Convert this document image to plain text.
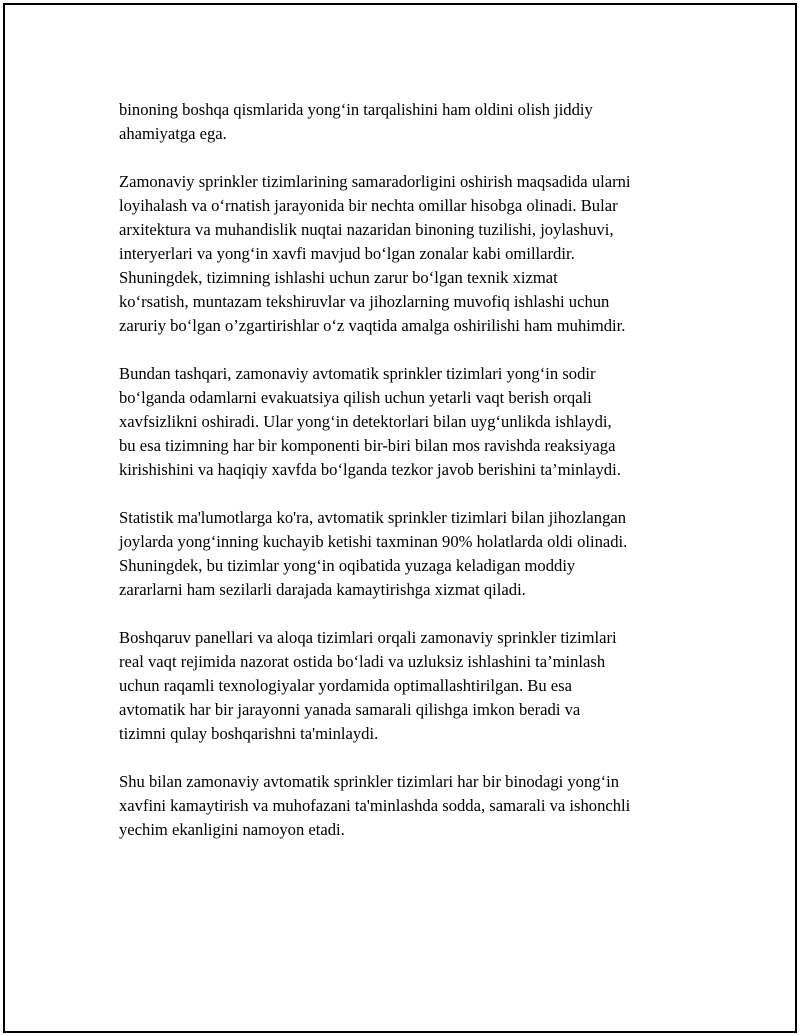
binoning boshqa qismlarida yong‘in tarqalishini ham oldini olish jiddiy
ahamiyatga ega.

Zamonaviy sprinkler tizimlarining samaradorligini oshirish maqsadida ularni
loyihalash va o‘rnatish jarayonida bir nechta omillar hisobga olinadi. Bular
arxitektura va muhandislik nuqtai nazaridan binoning tuzilishi, joylashuvi,
interyerlari va yong‘in xavfi mavjud bo‘lgan zonalar kabi omillardir.
Shuningdek, tizimning ishlashi uchun zarur bo‘lgan texnik xizmat
ko‘rsatish, muntazam tekshiruvlar va jihozlarning muvofiq ishlashi uchun
zaruriy bo‘lgan o’zgartirishlar o‘z vaqtida amalga oshirilishi ham muhimdir.

Bundan tashqari, zamonaviy avtomatik sprinkler tizimlari yong‘in sodir
bo‘lganda odamlarni evakuatsiya qilish uchun yetarli vaqt berish orqali
xavfsizlikni oshiradi. Ular yong‘in detektorlari bilan uyg‘unlikda ishlaydi,
bu esa tizimning har bir komponenti bir-biri bilan mos ravishda reaksiyaga
kirishishini va haqiqiy xavfda bo‘lganda tezkor javob berishini ta’minlaydi.

Statistik ma'lumotlarga ko'ra, avtomatik sprinkler tizimlari bilan jihozlangan
joylarda yong‘inning kuchayib ketishi taxminan 90% holatlarda oldi olinadi.
Shuningdek, bu tizimlar yong‘in oqibatida yuzaga keladigan moddiy
zararlarni ham sezilarli darajada kamaytirishga xizmat qiladi.

Boshqaruv panellari va aloqa tizimlari orqali zamonaviy sprinkler tizimlari
real vaqt rejimida nazorat ostida bo‘ladi va uzluksiz ishlashini ta’minlash
uchun raqamli texnologiyalar yordamida optimallashtirilgan. Bu esa
avtomatik har bir jarayonni yanada samarali qilishga imkon beradi va
tizimni qulay boshqarishni ta'minlaydi.

Shu bilan zamonaviy avtomatik sprinkler tizimlari har bir binodagi yong‘in
xavfini kamaytirish va muhofazani ta'minlashda sodda, samarali va ishonchli
yechim ekanligini namoyon etadi.
